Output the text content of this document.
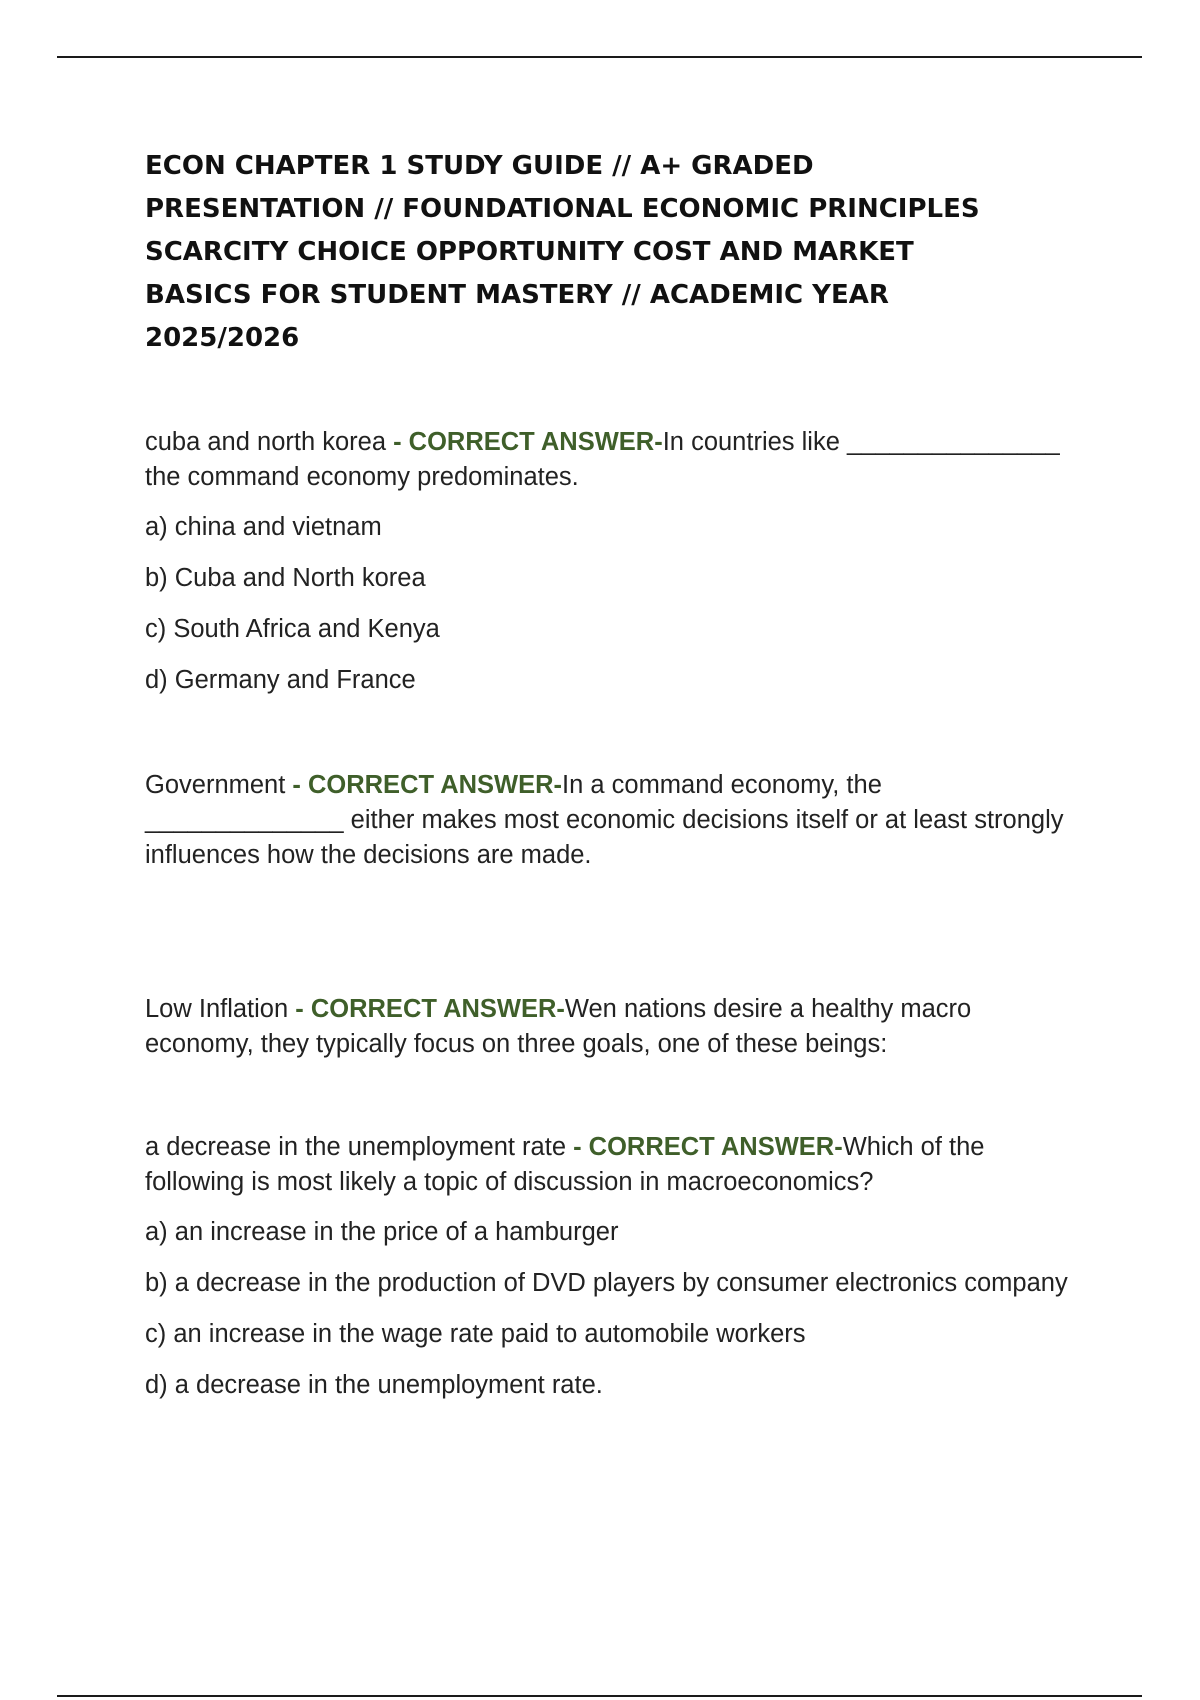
ECON CHAPTER 1 STUDY GUIDE // A+ GRADED
PRESENTATION // FOUNDATIONAL ECONOMIC PRINCIPLES
SCARCITY CHOICE OPPORTUNITY COST AND MARKET
BASICS FOR STUDENT MASTERY // ACADEMIC YEAR
2025/2026

cuba and north korea - CORRECT ANSWER-In countries like _______________ the command economy predominates.

a) china and vietnam

b) Cuba and North korea

c) South Africa and Kenya

d) Germany and France

Government - CORRECT ANSWER-In a command economy, the ______________ either makes most economic decisions itself or at least strongly influences how the decisions are made.

Low Inflation - CORRECT ANSWER-Wen nations desire a healthy macro economy, they typically focus on three goals, one of these beings:

a decrease in the unemployment rate - CORRECT ANSWER-Which of the following is most likely a topic of discussion in macroeconomics?

a) an increase in the price of a hamburger

b) a decrease in the production of DVD players by consumer electronics company

c) an increase in the wage rate paid to automobile workers

d) a decrease in the unemployment rate.
